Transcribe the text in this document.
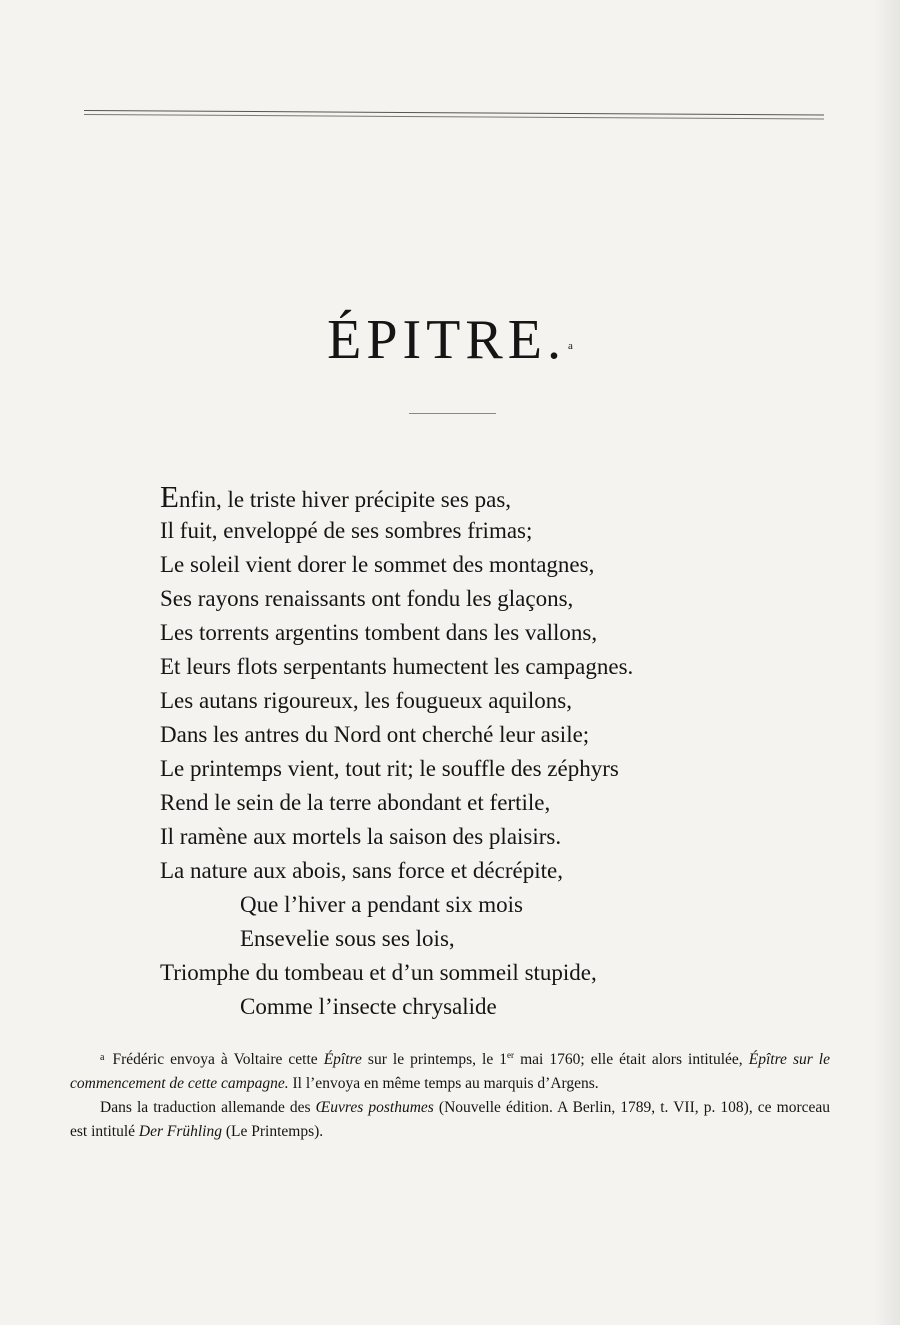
ÉPITRE. $^a$
Enfin, le triste hiver précipite ses pas,
Il fuit, enveloppé de ses sombres frimas;
Le soleil vient dorer le sommet des montagnes,
Ses rayons renaissants ont fondu les glaçons,
Les torrents argentins tombent dans les vallons,
Et leurs flots serpentants humectent les campagnes.
Les autans rigoureux, les fougueux aquilons,
Dans les antres du Nord ont cherché leur asile;
Le printemps vient, tout rit; le souffle des zéphyrs
Rend le sein de la terre abondant et fertile,
Il ramène aux mortels la saison des plaisirs.
La nature aux abois, sans force et décrépite,
Que l’hiver a pendant six mois
Ensevelie sous ses lois,
Triomphe du tombeau et d’un sommeil stupide,
Comme l’insecte chrysalide

$^a$ Frédéric envoya à Voltaire cette Épître sur le printemps, le 1er mai 1760; elle était alors intitulée, Épître sur le commencement de cette campagne. Il l’envoya en même temps au marquis d’Argens.

Dans la traduction allemande des Œuvres posthumes (Nouvelle édition. A Berlin, 1789, t. VII, p. 108), ce morceau est intitulé Der Frühling (Le Printemps).
